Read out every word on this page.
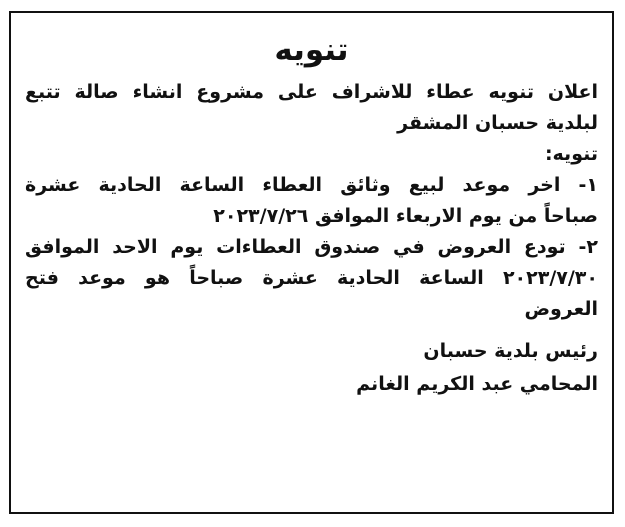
تنويه
اعلان تنويه عطاء للاشراف على مشروع انشاء صالة تتبع
لبلدية حسبان المشقر
تنويه:
١- اخر موعد لبيع وثائق العطاء الساعة الحادية عشرة
صباحاً من يوم الاربعاء الموافق ٢٠٢٣/٧/٢٦
٢- تودع العروض في صندوق العطاءات يوم الاحد الموافق
٢٠٢٣/٧/٣٠ الساعة الحادية عشرة صباحاً هو موعد فتح
العروض
رئيس بلدية حسبان
المحامي عبد الكريم الغانم
